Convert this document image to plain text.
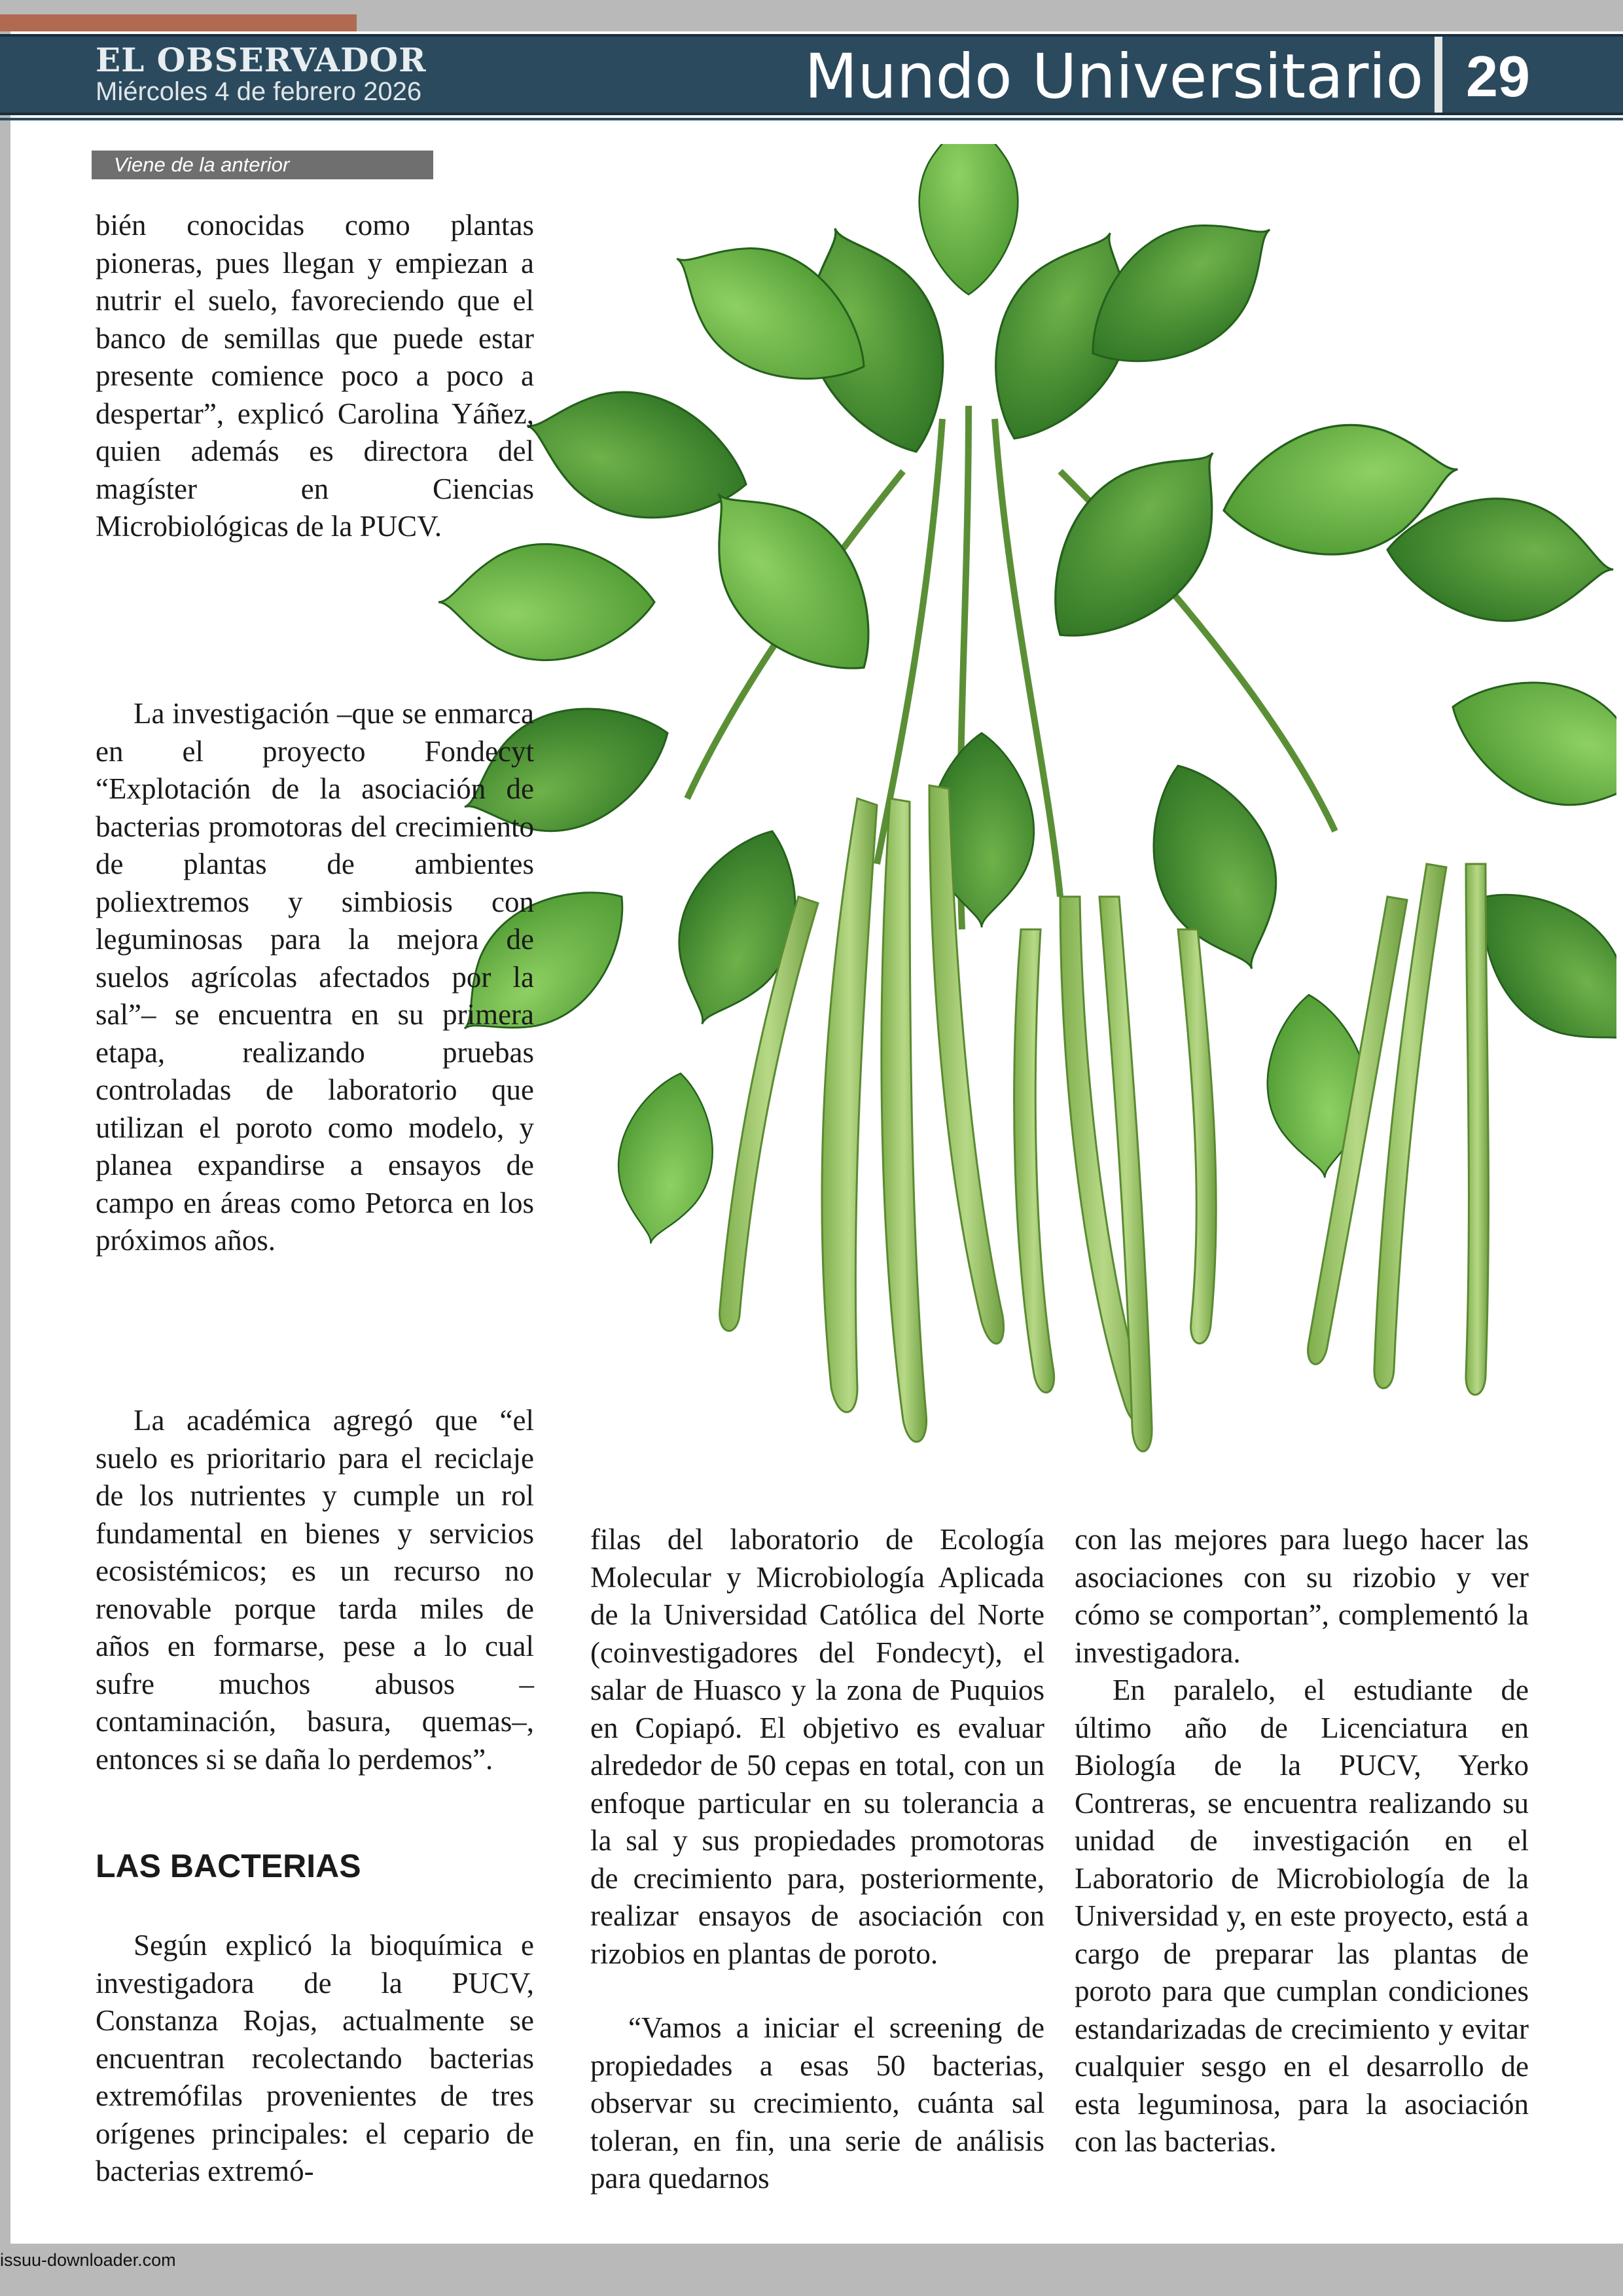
EL OBSERVADOR
Miércoles 4 de febrero 2026	Mundo Universitario 29
Viene de la anterior

bién conocidas como plantas pioneras, pues llegan y empiezan a nutrir el suelo, favoreciendo que el banco de semillas que puede estar presente comience poco a poco a despertar”, explicó Carolina Yáñez, quien además es directora del magíster en Ciencias Microbiológicas de la PUCV.

La investigación –que se enmarca en el proyecto Fondecyt “Explotación de la asociación de bacterias promotoras del crecimiento de plantas de ambientes poliextremos y simbiosis con leguminosas para la mejora de suelos agrícolas afectados por la sal”– se encuentra en su primera etapa, realizando pruebas controladas de laboratorio que utilizan el poroto como modelo, y planea expandirse a ensayos de campo en áreas como Petorca en los próximos años.

La académica agregó que “el suelo es prioritario para el reciclaje de los nutrientes y cumple un rol fundamental en bienes y servicios ecosistémicos; es un recurso no renovable porque tarda miles de años en formarse, pese a lo cual sufre muchos abusos –contaminación, basura, quemas–, entonces si se daña lo perdemos”.

LAS BACTERIAS

Según explicó la bioquímica e investigadora de la PUCV, Constanza Rojas, actualmente se encuentran recolectando bacterias extremófilas provenientes de tres orígenes principales: el cepario de bacterias extremó-

filas del laboratorio de Ecología Molecular y Microbiología Aplicada de la Universidad Católica del Norte (coinvestigadores del Fondecyt), el salar de Huasco y la zona de Puquios en Copiapó. El objetivo es evaluar alrededor de 50 cepas en total, con un enfoque particular en su tolerancia a la sal y sus propiedades promotoras de crecimiento para, posteriormente, realizar ensayos de asociación con rizobios en plantas de poroto.

“Vamos a iniciar el screening de propiedades a esas 50 bacterias, observar su crecimiento, cuánta sal toleran, en fin, una serie de análisis para quedarnos

con las mejores para luego hacer las asociaciones con su rizobio y ver cómo se comportan”, complementó la investigadora.

En paralelo, el estudiante de último año de Licenciatura en Biología de la PUCV, Yerko Contreras, se encuentra realizando su unidad de investigación en el Laboratorio de Microbiología de la Universidad y, en este proyecto, está a cargo de preparar las plantas de poroto para que cumplan condiciones estandarizadas de crecimiento y evitar cualquier sesgo en el desarrollo de esta leguminosa, para la asociación con las bacterias.

issuu-downloader.com
